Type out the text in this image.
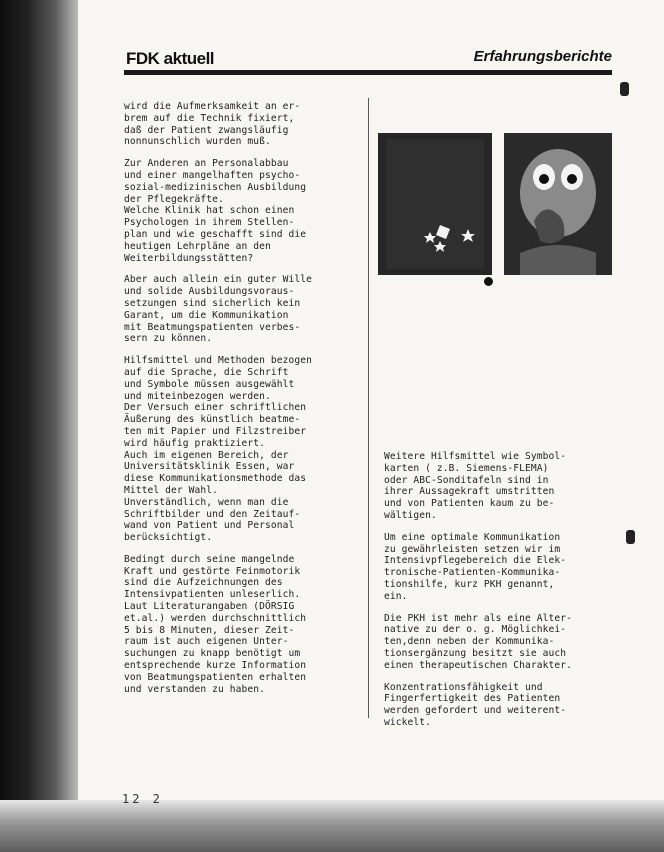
FDK aktuell	Erfahrungsberichte

wird die Aufmerksamkeit an er-
brem auf die Technik fixiert,
daß der Patient zwangsläufig
nonnunschlich wurden muß.

Zur Anderen an Personalabbau
und einer mangelhaften psycho-
sozial-medizinischen Ausbildung
der Pflegekräfte.
Welche Klinik hat schon einen
Psychologen in ihrem Stellen-
plan und wie geschafft sind die
heutigen Lehrpläne an den
Weiterbildungsstätten?

Aber auch allein ein guter Wille
und solide Ausbildungsvoraus-
setzungen sind sicherlich kein
Garant, um die Kommunikation
mit Beatmungspatienten verbes-
sern zu können.

Hilfsmittel und Methoden bezogen
auf die Sprache, die Schrift
und Symbole müssen ausgewählt
und miteinbezogen werden.
Der Versuch einer schriftlichen
Äußerung des künstlich beatme-
ten mit Papier und Filzstreiber
wird häufig praktiziert.
Auch im eigenen Bereich, der
Universitätsklinik Essen, war
diese Kommunikationsmethode das
Mittel der Wahl.
Unverständlich, wenn man die
Schriftbilder und den Zeitauf-
wand von Patient und Personal
berücksichtigt.

Bedingt durch seine mangelnde
Kraft und gestörte Feinmotorik
sind die Aufzeichnungen des
Intensivpatienten unleserlich.
Laut Literaturangaben (DÖRSIG
et.al.) werden durchschnittlich
5 bis 8 Minuten, dieser Zeit-
raum ist auch eigenen Unter-
suchungen zu knapp benötigt um
entsprechende kurze Information
von Beatmungspatienten erhalten
und verstanden zu haben.

Weitere Hilfsmittel wie Symbol-
karten ( z.B. Siemens-FLEMA)
oder ABC-Sonditafeln sind in
ihrer Aussagekraft umstritten
und von Patienten kaum zu be-
wältigen.

Um eine optimale Kommunikation
zu gewährleisten setzen wir im
Intensivpflegebereich die Elek-
tronische-Patienten-Kommunika-
tionshilfe, kurz PKH genannt,
ein.

Die PKH ist mehr als eine Alter-
native zu der o. g. Möglichkei-
ten,denn neben der Kommunika-
tionsergänzung besitzt sie auch
einen therapeutischen Charakter.

Konzentrationsfähigkeit und
Fingerfertigkeit des Patienten
werden gefordert und weiterent-
wickelt.

12 2
